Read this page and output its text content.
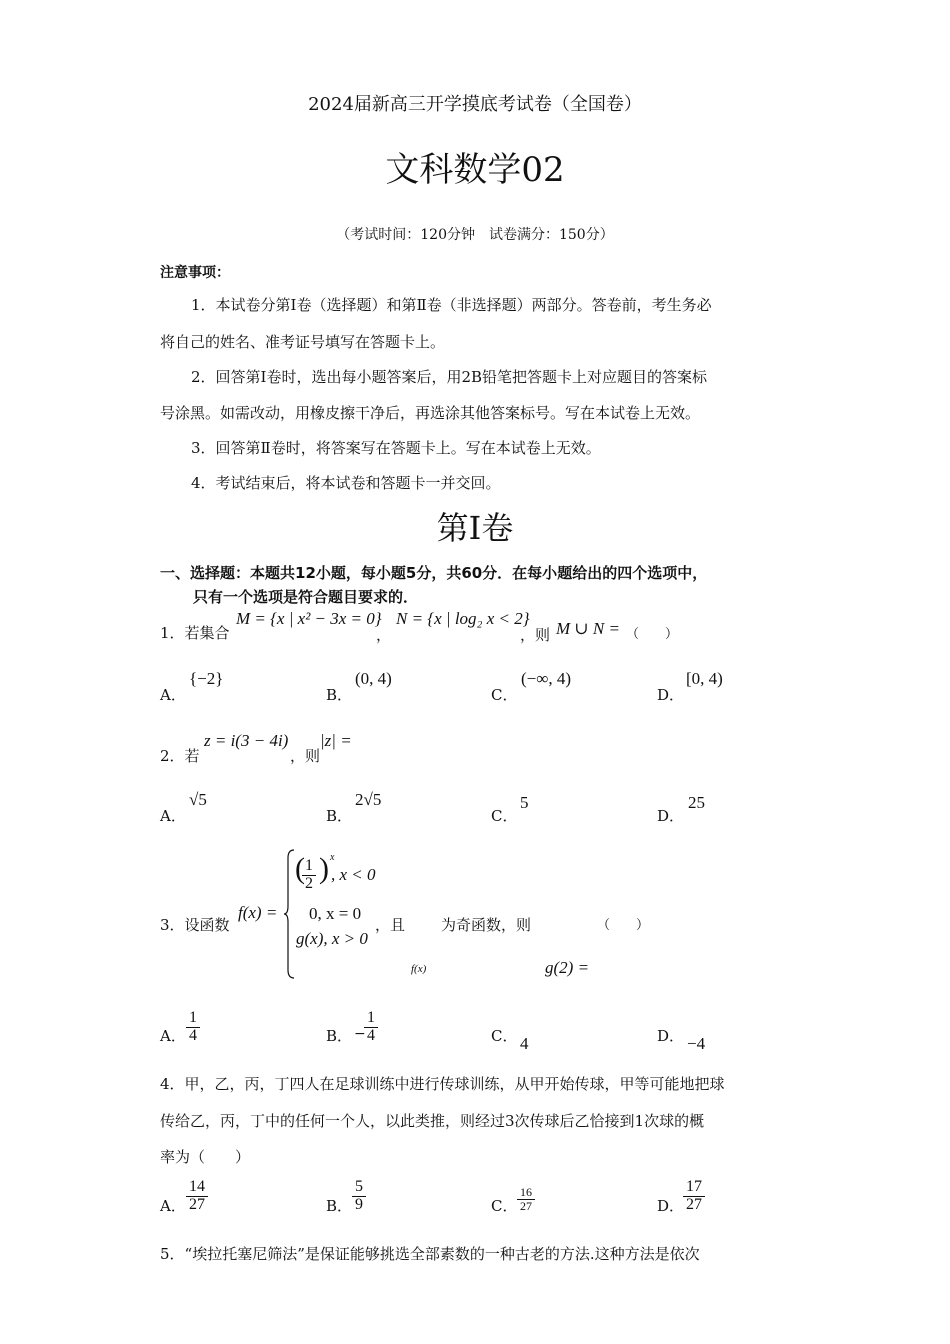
2024届新高三开学摸底考试卷（全国卷）
文科数学02
（考试时间：120分钟　试卷满分：150分）
注意事项：
1．本试卷分第Ⅰ卷（选择题）和第Ⅱ卷（非选择题）两部分。答卷前，考生务必
将自己的姓名、准考证号填写在答题卡上。
2．回答第Ⅰ卷时，选出每小题答案后，用2B铅笔把答题卡上对应题目的答案标
号涂黑。如需改动，用橡皮擦干净后，再选涂其他答案标号。写在本试卷上无效。
3．回答第Ⅱ卷时，将答案写在答题卡上。写在本试卷上无效。
4．考试结束后，将本试卷和答题卡一并交回。
第Ⅰ卷
一、选择题：本题共12小题，每小题5分，共60分．在每小题给出的四个选项中，
只有一个选项是符合题目要求的．
1．若集合
M = {x | x² − 3x = 0}
，
N = {x | log₂ x < 2}
，则 M ∪ N = （　　）
A．
{−2}
B．
(0, 4)
C．
(−∞, 4)
D．
[0, 4)
2．若
z = i(3 − 4i)
，则
|z| =
A．
√5
B．
2√5
C．
5
D．
25
3．设函数
f(x) =
(
$\frac{1}{2}$ ) x
, x < 0
0, x = 0
g(x), x > 0
，且 为奇函数，则	（　　）
f(x)	g(2) =
A． $\frac{1}{4}$	B． −
$\frac{1}{4}$	C． 4	D． −4
4．甲，乙，丙，丁四人在足球训练中进行传球训练，从甲开始传球，甲等可能地把球
传给乙，丙，丁中的任何一个人，以此类推，则经过3次传球后乙恰接到1次球的概
率为（　　）
A． $\frac{14}{27}$	B． $\frac{5}{9}$	C． $\frac{16}{27}$	D．
$\frac{17}{27}$
5．“埃拉托塞尼筛法”是保证能够挑选全部素数的一种古老的方法.这种方法是依次
